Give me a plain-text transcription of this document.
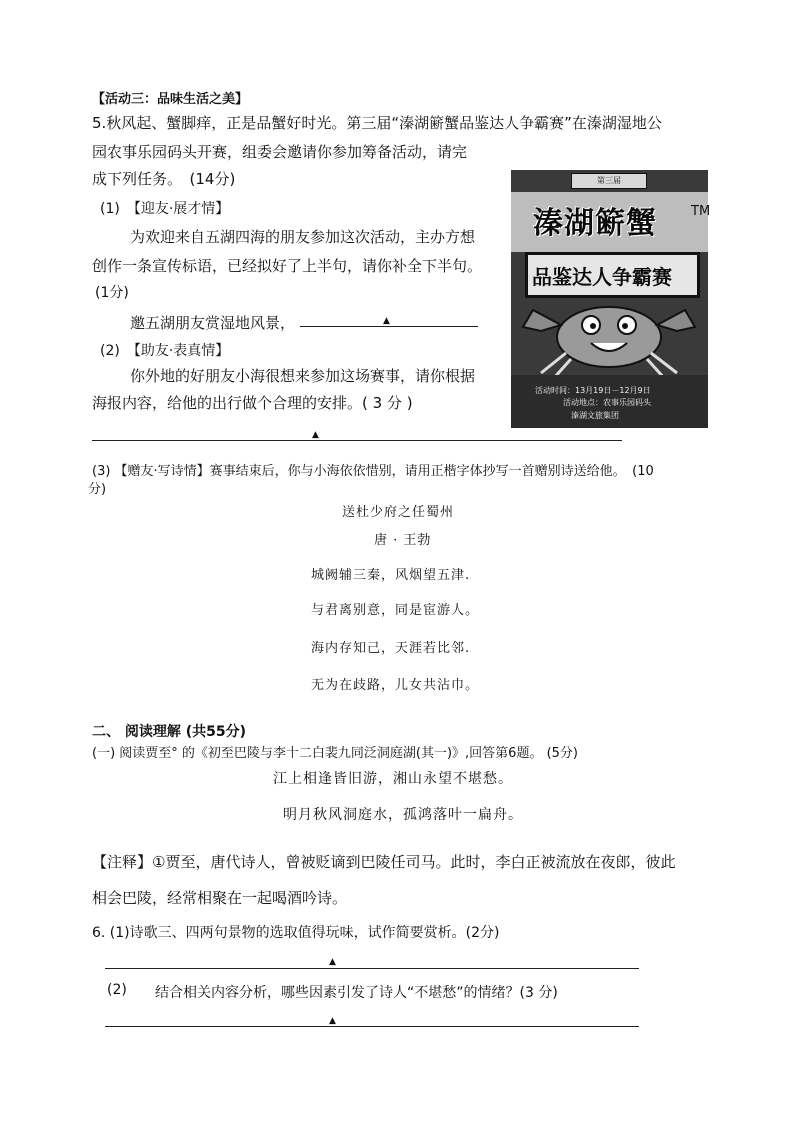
【活动三：品味生活之美】
5.秋风起、蟹脚痒，正是品蟹好时光。第三届“溱湖簖蟹品鉴达人争霸赛”在溱湖湿地公
园农事乐园码头开赛，组委会邀请你参加筹备活动，请完
成下列任务。　(14分)
(1)　【迎友·展才情】
为欢迎来自五湖四海的朋友参加这次活动，主办方想
创作一条宣传标语，已经拟好了上半句，请你补全下半句。
(1分)
邀五湖朋友赏湿地风景，	▲
(2)　【助友·表真情】
你外地的好朋友小海很想来参加这场赛事，请你根据
海报内容，给他的出行做个合理的安排。( 3 分 )
▲
第三届
溱湖簖蟹	TM
品鉴达人争霸赛
活动时间：13月19日－12月9日
活动地点：农事乐园码头
溱湖文旅集团
(3) 【赠友·写诗情】赛事结束后，你与小海依依惜别，请用正楷字体抄写一首赠别诗送给他。　(10
分)
送杜少府之任蜀州
唐 · 王勃
城阙辅三秦，风烟望五津.
与君离别意，同是宦游人。
海内存知己，天涯若比邻.
无为在歧路，儿女共沾巾。
二、 阅读理解 (共55分)
(一) 阅读贾至° 的《初至巴陵与李十二白裴九同泛洞庭湖(其一)》,回答第6题。 (5分)
江上相逢皆旧游，湘山永望不堪愁。
明月秋风洞庭水，孤鸿落叶一扁舟。
【注释】①贾至，唐代诗人，曾被贬谪到巴陵任司马。此时，李白正被流放在夜郎，彼此
相会巴陵，经常相聚在一起喝酒吟诗。
6. (1)诗歌三、四两句景物的选取值得玩味，试作简要赏析。(2分)
▲
(2) 结合相关内容分析，哪些因素引发了诗人“不堪愁”的情绪？(3 分)
▲
